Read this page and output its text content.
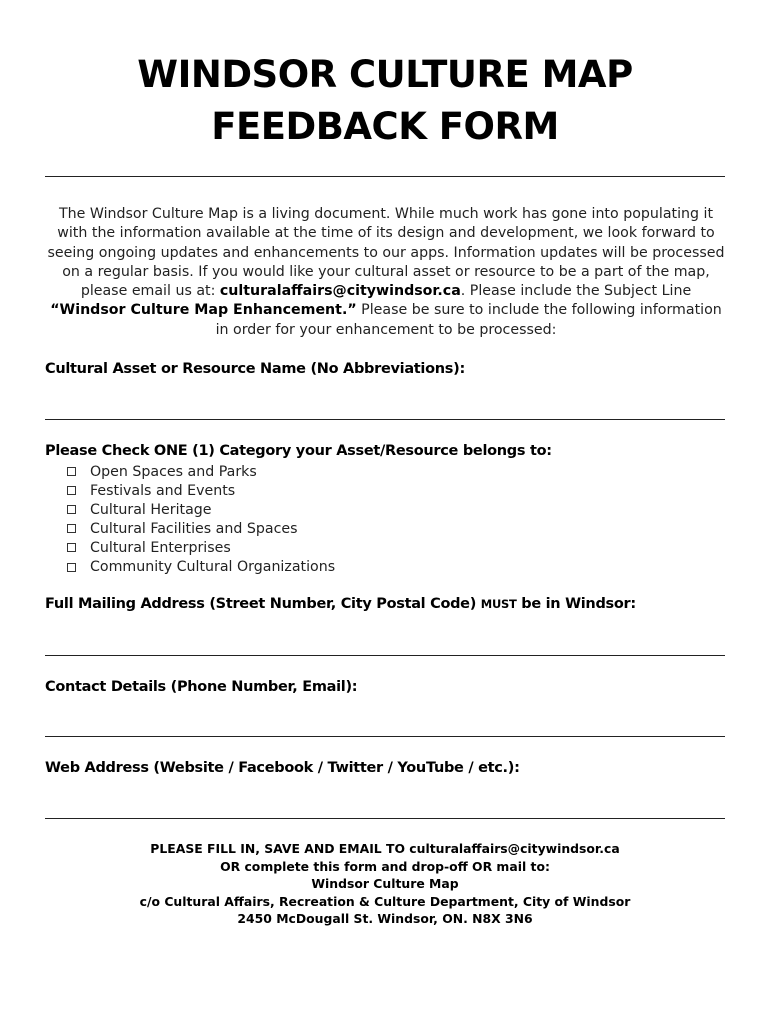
WINDSOR CULTURE MAP
FEEDBACK FORM
The Windsor Culture Map is a living document. While much work has gone into populating it with the information available at the time of its design and development, we look forward to seeing ongoing updates and enhancements to our apps. Information updates will be processed on a regular basis. If you would like your cultural asset or resource to be a part of the map, please email us at: culturalaffairs@citywindsor.ca. Please include the Subject Line “Windsor Culture Map Enhancement.” Please be sure to include the following information in order for your enhancement to be processed:
Cultural Asset or Resource Name (No Abbreviations):
Please Check ONE (1) Category your Asset/Resource belongs to:
Open Spaces and Parks
Festivals and Events
Cultural Heritage
Cultural Facilities and Spaces
Cultural Enterprises
Community Cultural Organizations
Full Mailing Address (Street Number, City Postal Code) MUST be in Windsor:
Contact Details (Phone Number, Email):
Web Address (Website / Facebook / Twitter / YouTube / etc.):
PLEASE FILL IN, SAVE AND EMAIL TO culturalaffairs@citywindsor.ca
OR complete this form and drop-off OR mail to:
Windsor Culture Map
c/o Cultural Affairs, Recreation & Culture Department, City of Windsor
2450 McDougall St. Windsor, ON. N8X 3N6
